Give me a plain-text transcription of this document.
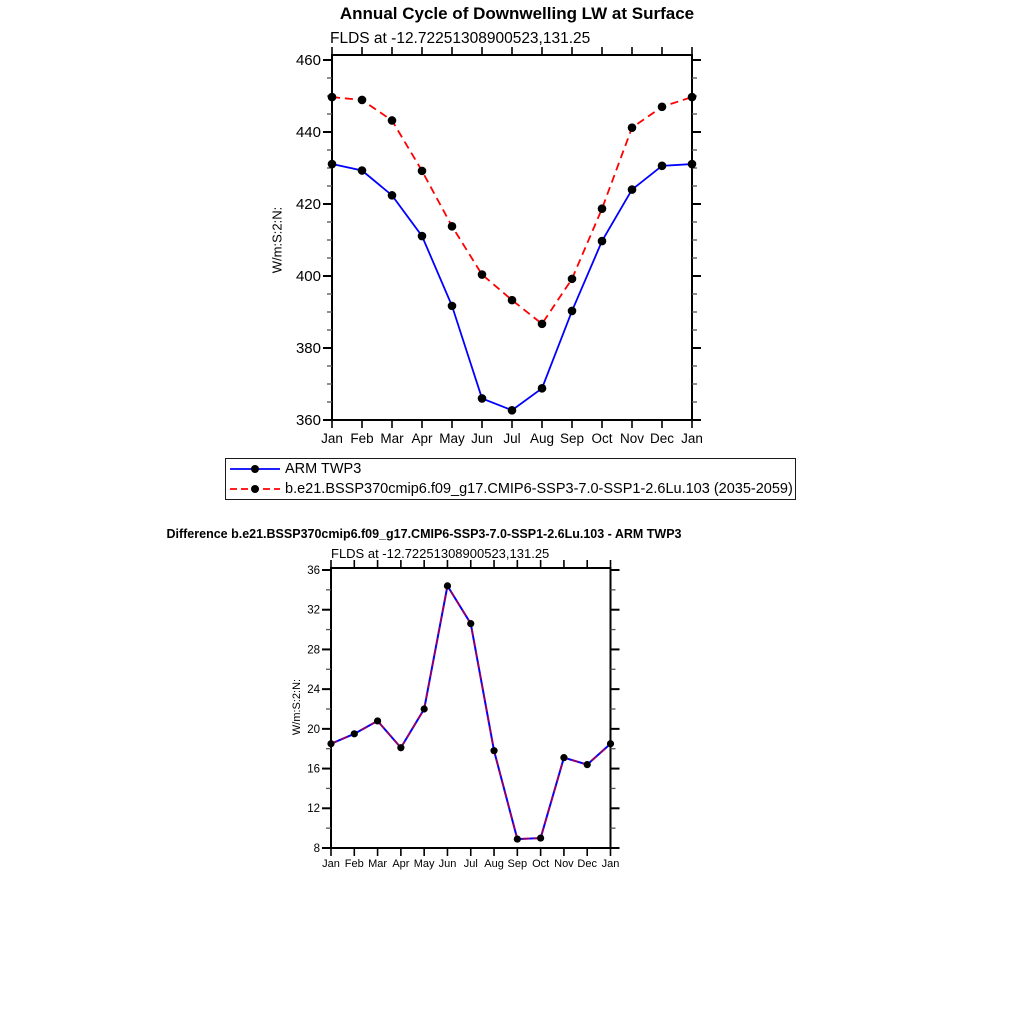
Annual Cycle of Downwelling LW at Surface
FLDS at -12.72251308900523,131.25
W/m:S:2:N:
360
380
400
420
440
460
Jan Feb Mar Apr May Jun Jul Aug Sep Oct Nov Dec Jan
8
12
16
20
24
28
32
36
Jan Feb Mar Apr May Jun Jul Aug Sep Oct Nov Dec Jan
ARM TWP3
b.e21.BSSP370cmip6.f09_g17.CMIP6-SSP3-7.0-SSP1-2.6Lu.103 (2035-2059)
Difference b.e21.BSSP370cmip6.f09_g17.CMIP6-SSP3-7.0-SSP1-2.6Lu.103 - ARM TWP3
FLDS at -12.72251308900523,131.25
W/m:S:2:N:
